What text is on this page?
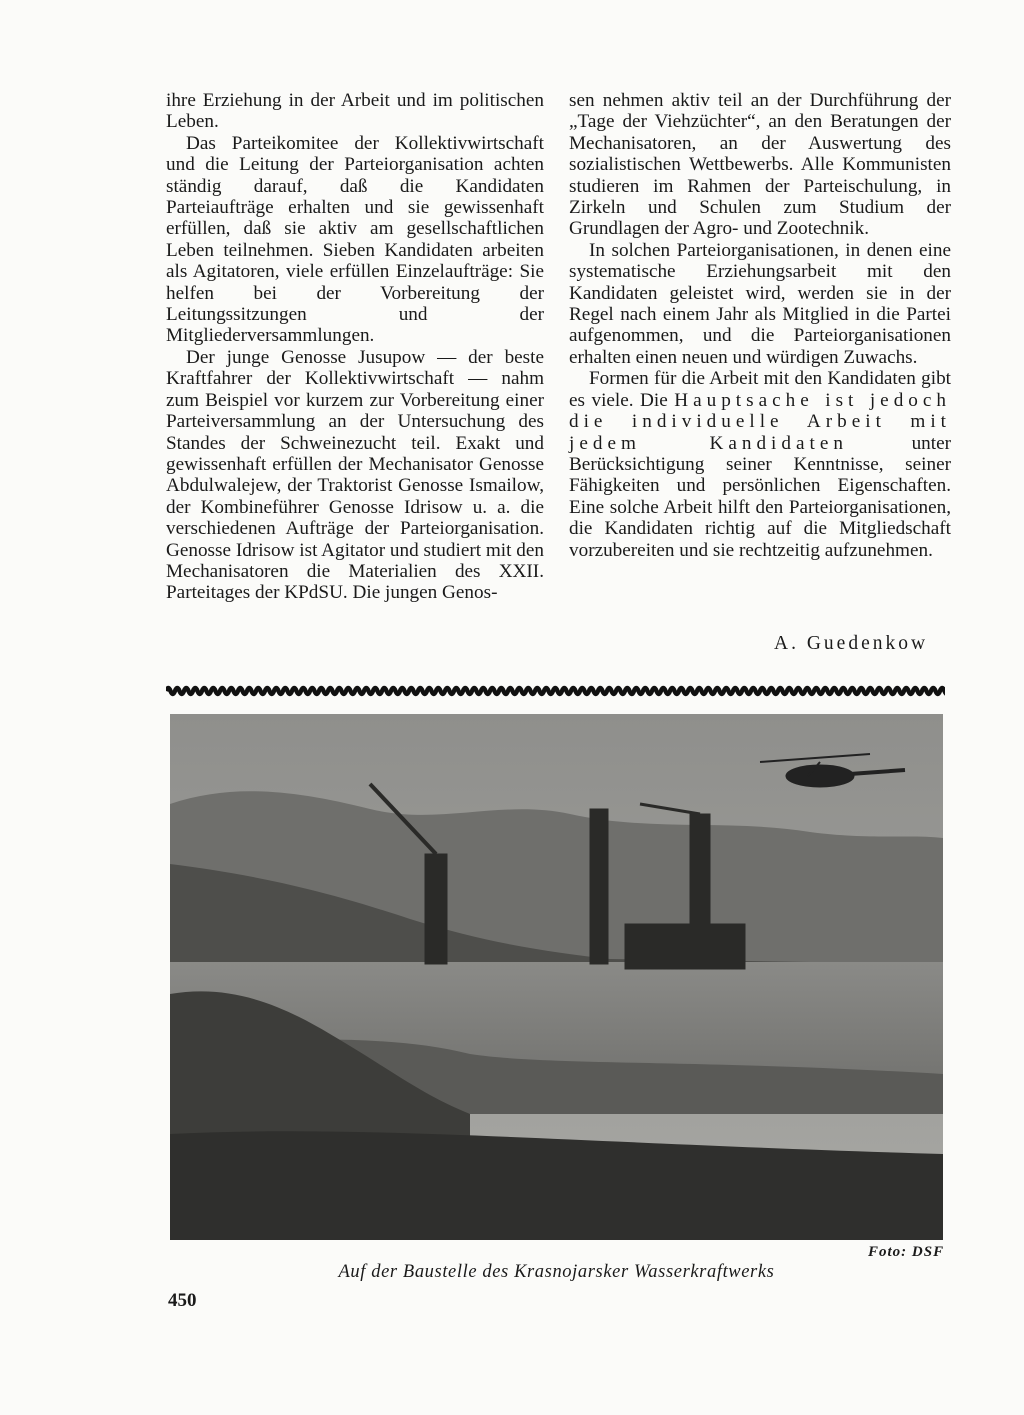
ihre Erziehung in der Arbeit und im politischen Leben.

Das Parteikomitee der Kollektivwirtschaft und die Leitung der Parteiorganisation achten ständig darauf, daß die Kandidaten Parteiaufträge erhalten und sie gewissenhaft erfüllen, daß sie aktiv am gesellschaftlichen Leben teilnehmen. Sieben Kandidaten arbeiten als Agitatoren, viele erfüllen Einzelaufträge: Sie helfen bei der Vorbereitung der Leitungssitzungen und der Mitgliederversammlungen.

Der junge Genosse Jusupow — der beste Kraftfahrer der Kollektivwirtschaft — nahm zum Beispiel vor kurzem zur Vorbereitung einer Parteiversammlung an der Untersuchung des Standes der Schweinezucht teil. Exakt und gewissenhaft erfüllen der Mechanisator Genosse Abdulwalejew, der Traktorist Genosse Ismailow, der Kombineführer Genosse Idrisow u. a. die verschiedenen Aufträge der Parteiorganisation. Genosse Idrisow ist Agitator und studiert mit den Mechanisatoren die Materialien des XXII. Parteitages der KPdSU. Die jungen Genos-

sen nehmen aktiv teil an der Durchführung der „Tage der Viehzüchter“, an den Beratungen der Mechanisatoren, an der Auswertung des sozialistischen Wettbewerbs. Alle Kommunisten studieren im Rahmen der Parteischulung, in Zirkeln und Schulen zum Studium der Grundlagen der Agro- und Zootechnik.

In solchen Parteiorganisationen, in denen eine systematische Erziehungsarbeit mit den Kandidaten geleistet wird, werden sie in der Regel nach einem Jahr als Mitglied in die Partei aufgenommen, und die Parteiorganisationen erhalten einen neuen und würdigen Zuwachs.

Formen für die Arbeit mit den Kandidaten gibt es viele. Die Hauptsache ist jedoch die individuelle Arbeit mit jedem Kandidaten unter Berücksichtigung seiner Kenntnisse, seiner Fähigkeiten und persönlichen Eigenschaften. Eine solche Arbeit hilft den Parteiorganisationen, die Kandidaten richtig auf die Mitgliedschaft vorzubereiten und sie rechtzeitig aufzunehmen.

A. Guedenkow
Foto: DSF
Auf der Baustelle des Krasnojarsker Wasserkraftwerks
450
